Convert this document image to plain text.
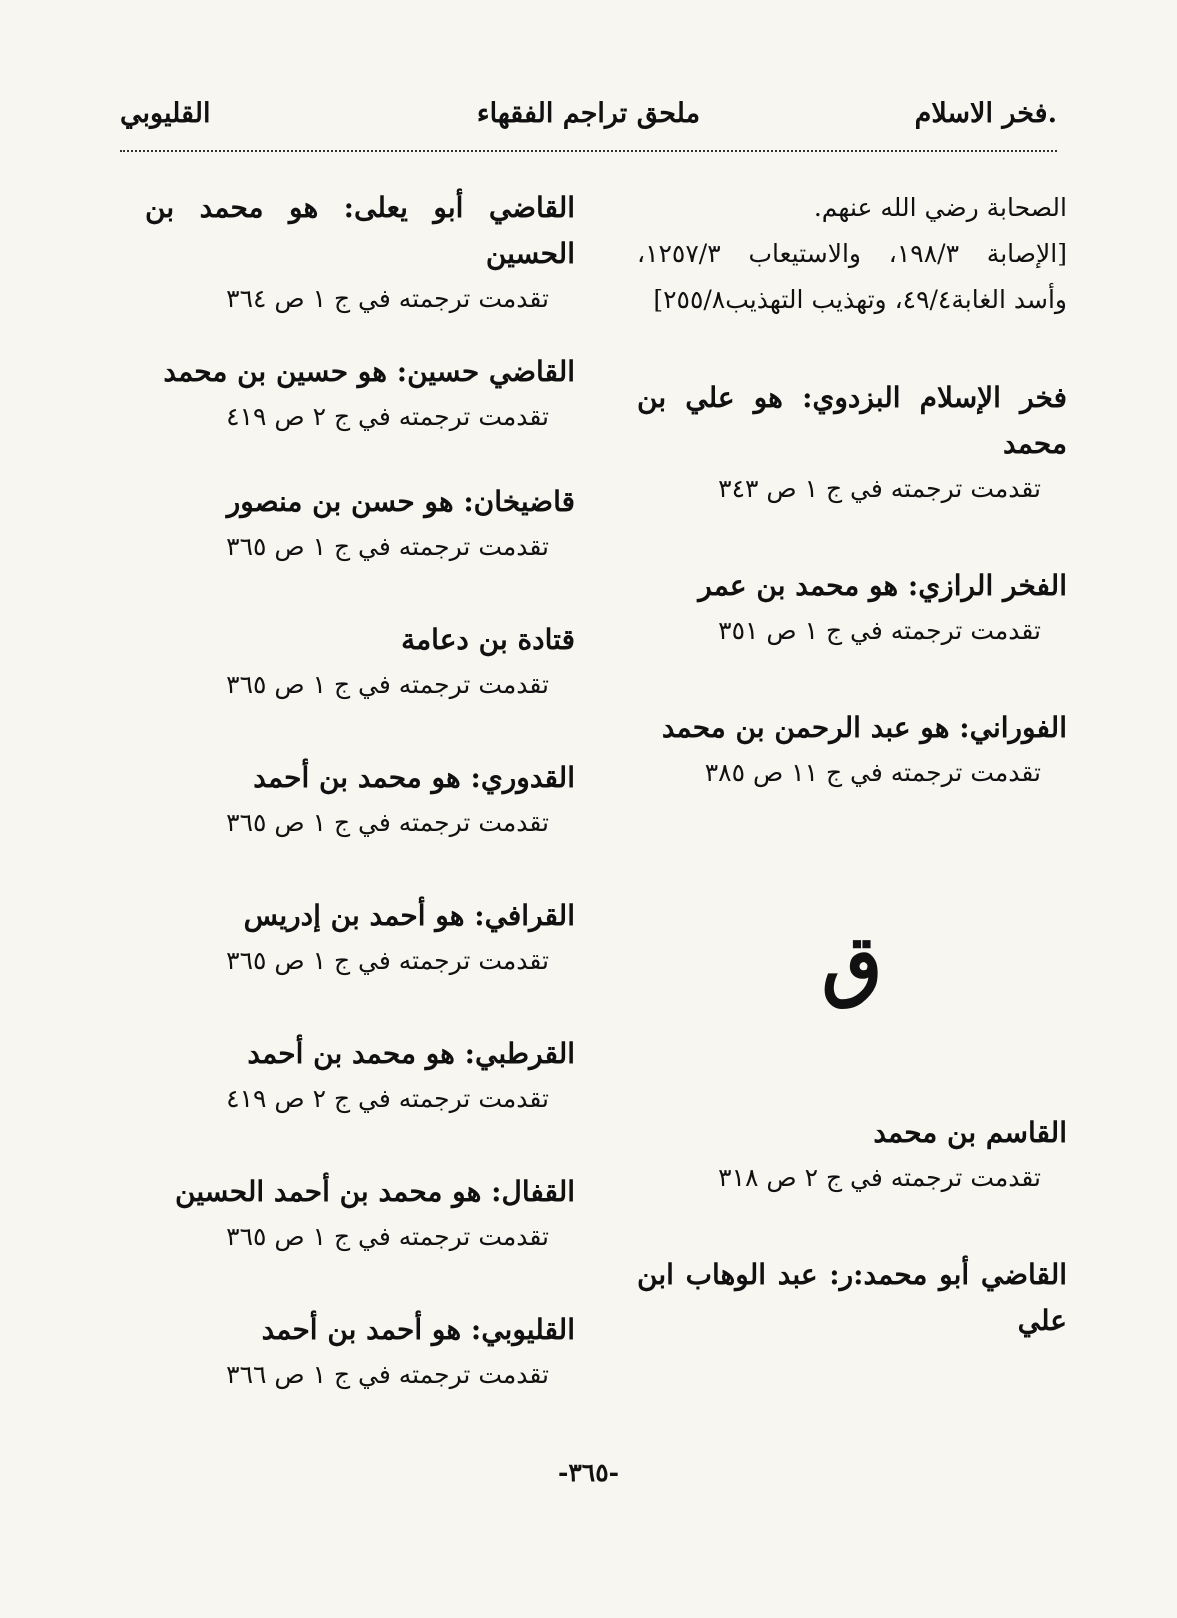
.فخر الاسلام
ملحق تراجم الفقهاء
القليوبي
الصحابة رضي الله عنهم.
[الإصابة ١٩٨/٣، والاستيعاب ١٢٥٧/٣، وأسد الغابة٤٩/٤، وتهذيب التهذيب٢٥٥/٨]
فخر الإسلام البزدوي: هو علي بن محمد
تقدمت ترجمته في ج ١ ص ٣٤٣
الفخر الرازي: هو محمد بن عمر
تقدمت ترجمته في ج ١ ص ٣٥١
الفوراني: هو عبد الرحمن بن محمد
تقدمت ترجمته في ج ١١ ص ٣٨٥
ق
القاسم بن محمد
تقدمت ترجمته في ج ٢ ص ٣١٨
القاضي أبو محمد:ر: عبد الوهاب ابن علي
القاضي أبو يعلى: هو محمد بن الحسين
تقدمت ترجمته في ج ١ ص ٣٦٤
القاضي حسين: هو حسين بن محمد
تقدمت ترجمته في ج ٢ ص ٤١٩
قاضيخان: هو حسن بن منصور
تقدمت ترجمته في ج ١ ص ٣٦٥
قتادة بن دعامة
تقدمت ترجمته في ج ١ ص ٣٦٥
القدوري: هو محمد بن أحمد
تقدمت ترجمته في ج ١ ص ٣٦٥
القرافي: هو أحمد بن إدريس
تقدمت ترجمته في ج ١ ص ٣٦٥
القرطبي: هو محمد بن أحمد
تقدمت ترجمته في ج ٢ ص ٤١٩
القفال: هو محمد بن أحمد الحسين
تقدمت ترجمته في ج ١ ص ٣٦٥
القليوبي: هو أحمد بن أحمد
تقدمت ترجمته في ج ١ ص ٣٦٦
-٣٦٥-
